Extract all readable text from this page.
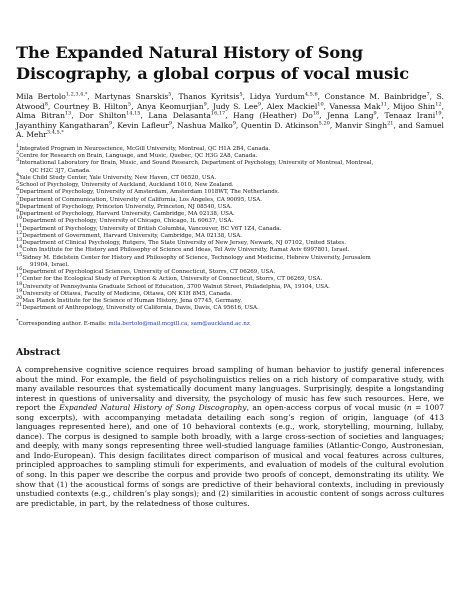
The Expanded Natural History of Song Discography, a global corpus of vocal music

Mila Bertolo$^{1,2,3,4,*}$, Martynas Snarskis$^5$, Thanos Kyritsis$^5$, Lidya Yurdum$^{4,5,6}$, Constance M. Bainbridge$^7$, S. Atwood$^8$, Courtney B. Hilton$^5$, Anya Keomurjian$^9$, Judy S. Lee$^9$, Alex Mackiel$^{10}$, Vanessa Mak$^{11}$, Mijoo Shin$^{12}$, Alma Bitran$^{13}$, Dor Shilton$^{14,15}$, Lana Delasanta$^{16,17}$, Hang (Heather) Do$^{18}$, Jenna Lang$^9$, Tenaaz Irani$^{19}$, Jayanthiny Kangatharan$^9$, Kevin Lafleur$^9$, Nashua Malko$^9$, Quentin D. Atkinson$^{5,20}$, Manvir Singh$^{21}$, and Samuel A. Mehr$^{3,4,5,*}$

$^1$Integrated Program in Neuroscience, McGill University, Montreal, QC H1A 2B4, Canada.
$^2$Centre for Research on Brain, Language, and Music, Quebec, QC H3G 2A8, Canada.
$^3$International Laboratory for Brain, Music, and Sound Research, Department of Psychology, University of Montreal, Montreal,
QC H2C 3J7, Canada.
$^4$Yale Child Study Center, Yale University, New Haven, CT 06520, USA.
$^5$School of Psychology, University of Auckland, Auckland 1010, New Zealand.
$^6$Department of Psychology, University of Amsterdam, Amsterdam 1018WT, The Netherlands.
$^7$Department of Communication, University of California, Los Angeles, CA 90095, USA.
$^8$Department of Psychology, Princeton University, Princeton, NJ 08540, USA.
$^9$Department of Psychology, Harvard University, Cambridge, MA 02138, USA.
$^{10}$Department of Psychology, University of Chicago, Chicago, IL 60637, USA.
$^{11}$Department of Psychology, University of British Columbia, Vancouver, BC V6T 1Z4, Canada.
$^{12}$Department of Government, Harvard University, Cambridge, MA 02138, USA.
$^{13}$Department of Clinical Psychology, Rutgers, The State University of New Jersey, Newark, NJ 07102, United States.
$^{14}$Cohn Institute for the History and Philosophy of Science and Ideas, Tel Aviv University, Ramat Aviv 6997801, Israel.
$^{15}$Sidney M. Edelstein Center for History and Philosophy of Science, Technology and Medicine, Hebrew University, Jerusalem
91904, Israel.
$^{16}$Department of Psychological Sciences, University of Connecticut, Storrs, CT 06269, USA.
$^{17}$Center for the Ecological Study of Perception & Action, University of Connecticut, Storrs, CT 06269, USA.
$^{18}$University of Pennsylvania Graduate School of Education, 3700 Walnut Street, Philadelphia, PA, 19104, USA.
$^{19}$University of Ottawa, Faculty of Medicine, Ottawa, ON K1H 8M5, Canada.
$^{20}$Max Planck Institute for the Science of Human History, Jena 07745, Germany.
$^{21}$Department of Anthropology, University of California, Davis, Davis, CA 95616, USA.

*Corresponding author. E-mails: mila.bertolo@mail.mcgill.ca, sam@auckland.ac.nz

Abstract

A comprehensive cognitive science requires broad sampling of human behavior to justify general inferences about the mind. For example, the field of psycholinguistics relies on a rich history of comparative study, with many available resources that systematically document many languages. Surprisingly, despite a longstanding interest in questions of universality and diversity, the psychology of music has few such resources. Here, we report the Expanded Natural History of Song Discography, an open-access corpus of vocal music (n = 1007 song excerpts), with accompanying metadata detailing each song’s region of origin, language (of 413 languages represented here), and one of 10 behavioral contexts (e.g., work, storytelling, mourning, lullaby, dance). The corpus is designed to sample both broadly, with a large cross-section of societies and languages; and deeply, with many songs representing three well-studied language families (Atlantic-Congo, Austronesian, and Indo-European). This design facilitates direct comparison of musical and vocal features across cultures, principled approaches to sampling stimuli for experiments, and evaluation of models of the cultural evolution of song. In this paper we describe the corpus and provide two proofs of concept, demonstrating its utility. We show that (1) the acoustical forms of songs are predictive of their behavioral contexts, including in previously unstudied contexts (e.g., children’s play songs); and (2) similarities in acoustic content of songs across cultures are predictable, in part, by the relatedness of those cultures.
